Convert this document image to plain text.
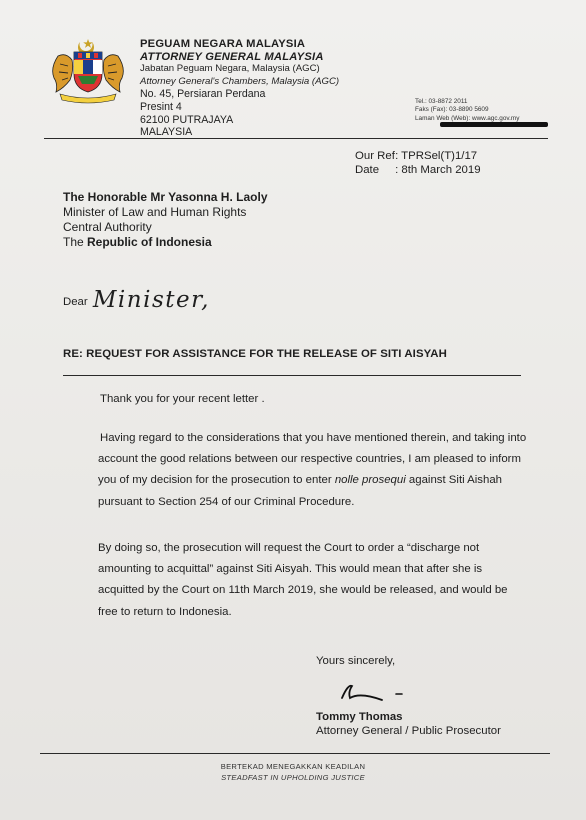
PEGUAM NEGARA MALAYSIA
ATTORNEY GENERAL MALAYSIA
Jabatan Peguam Negara, Malaysia (AGC)
Attorney General's Chambers, Malaysia (AGC)
No. 45, Persiaran Perdana
Presint 4
62100 PUTRAJAYA
MALAYSIA
Tel.: 03-8872 2011
Faks (Fax): 03-8890 5609
Laman Web (Web): www.agc.gov.my
Our Ref	: TPRSel(T)1/17
Date	: 8th March 2019
The Honorable Mr Yasonna H. Laoly
Minister of Law and Human Rights
Central Authority
The Republic of Indonesia
Dear Minister,
RE: REQUEST FOR ASSISTANCE FOR THE RELEASE OF SITI AISYAH

Thank you for your recent letter .

Having regard to the considerations that you have mentioned therein, and taking into account the good relations between our respective countries, I am pleased to inform you of my decision for the prosecution to enter nolle prosequi against Siti Aishah pursuant to Section 254 of our Criminal Procedure.

By doing so, the prosecution will request the Court to order a “discharge not amounting to acquittal” against Siti Aisyah. This would mean that after she is acquitted by the Court on 11th March 2019, she would be released, and would be free to return to Indonesia.

Yours sincerely,
Tommy Thomas
Attorney General / Public Prosecutor
BERTEKAD MENEGAKKAN KEADILAN
STEADFAST IN UPHOLDING JUSTICE
